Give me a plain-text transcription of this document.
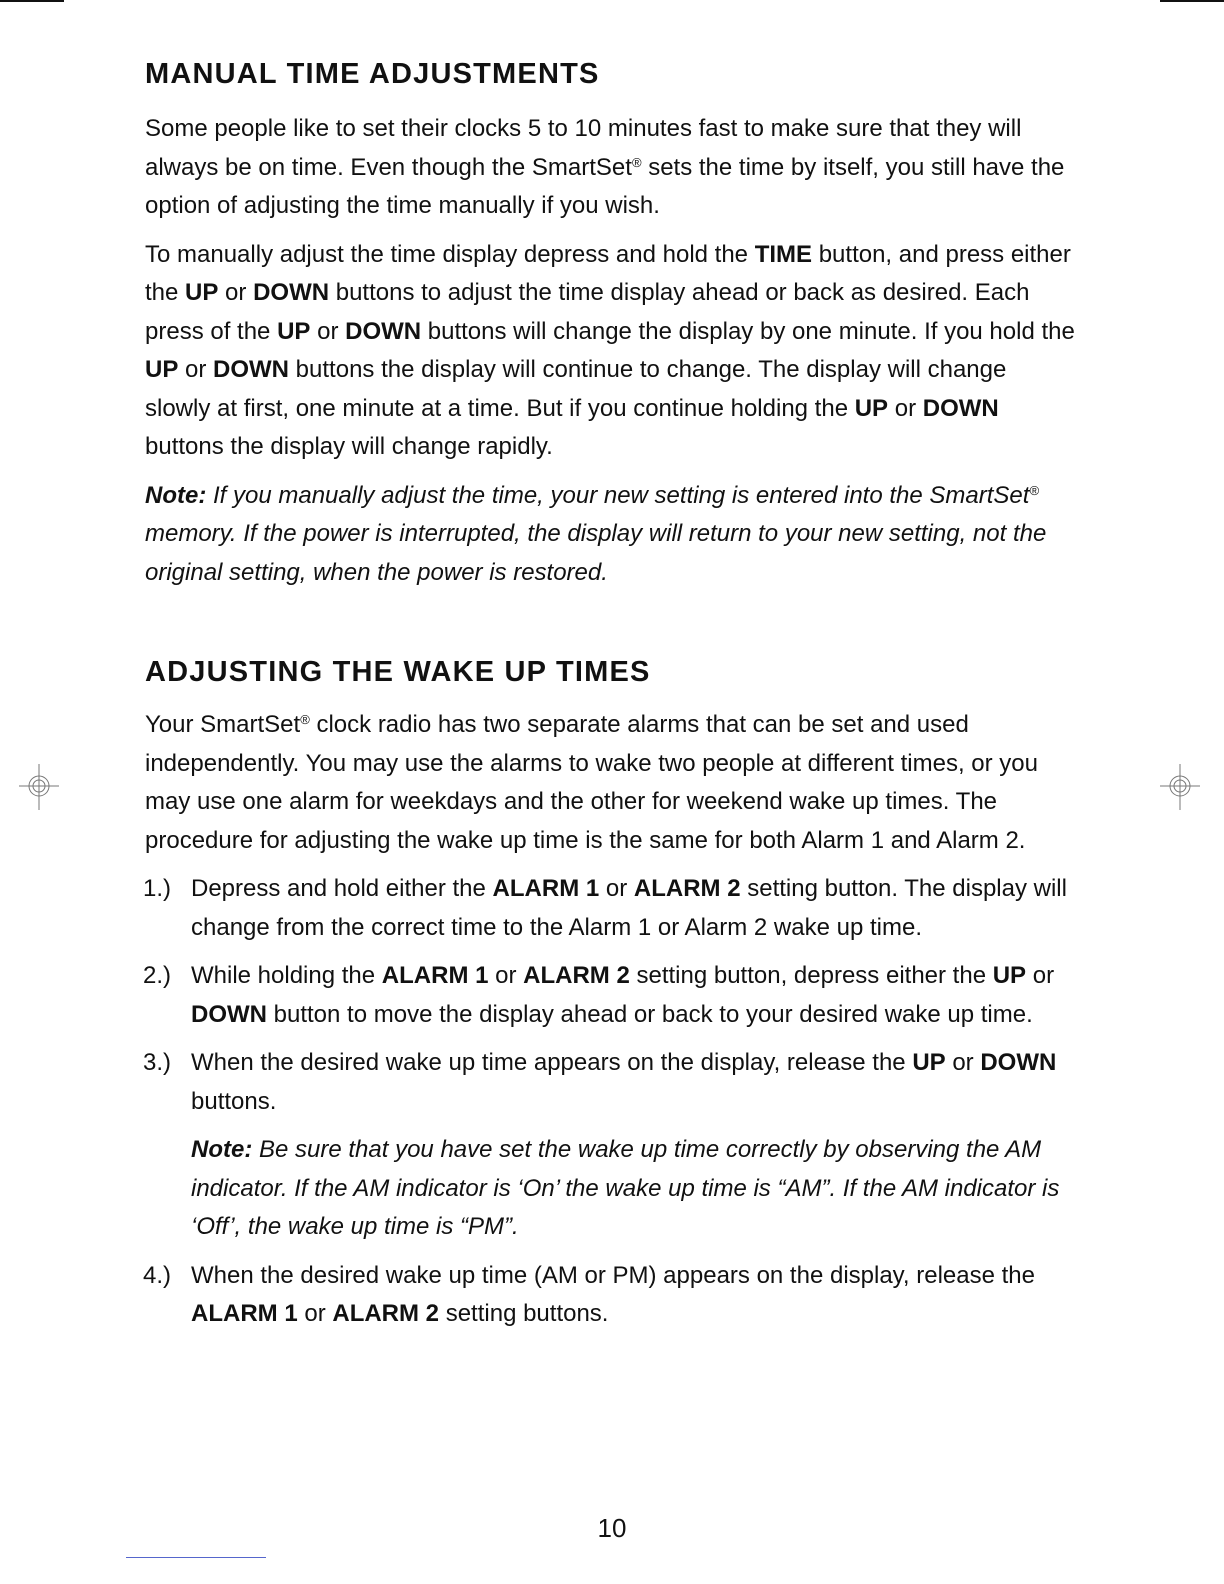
MANUAL TIME ADJUSTMENTS

Some people like to set their clocks 5 to 10 minutes fast to make sure that they will always be on time. Even though the SmartSet® sets the time by itself, you still have the option of adjusting the time manually if you wish.

To manually adjust the time display depress and hold the TIME button, and press either the UP or DOWN buttons to adjust the time display ahead or back as desired. Each press of the UP or DOWN buttons will change the display by one minute. If you hold the UP or DOWN buttons the display will continue to change. The display will change slowly at first, one minute at a time. But if you continue holding the UP or DOWN buttons the display will change rapidly.

Note: If you manually adjust the time, your new setting is entered into the SmartSet® memory. If the power is interrupted, the display will return to your new setting, not the original setting, when the power is restored.

ADJUSTING THE WAKE UP TIMES

Your SmartSet® clock radio has two separate alarms that can be set and used independently. You may use the alarms to wake two people at different times, or you may use one alarm for weekdays and the other for weekend wake up times. The procedure for adjusting the wake up time is the same for both Alarm 1 and Alarm 2.

1.) Depress and hold either the ALARM 1 or ALARM 2 setting button. The display will change from the correct time to the Alarm 1 or Alarm 2 wake up time.
2.) While holding the ALARM 1 or ALARM 2 setting button, depress either the UP or DOWN button to move the display ahead or back to your desired wake up time.
3.) When the desired wake up time appears on the display, release the UP or DOWN buttons.
Note: Be sure that you have set the wake up time correctly by observing the AM indicator. If the AM indicator is ‘On’ the wake up time is “AM”. If the AM indicator is ‘Off’, the wake up time is “PM”.
4.) When the desired wake up time (AM or PM) appears on the display, release the ALARM 1 or ALARM 2 setting buttons.
10
